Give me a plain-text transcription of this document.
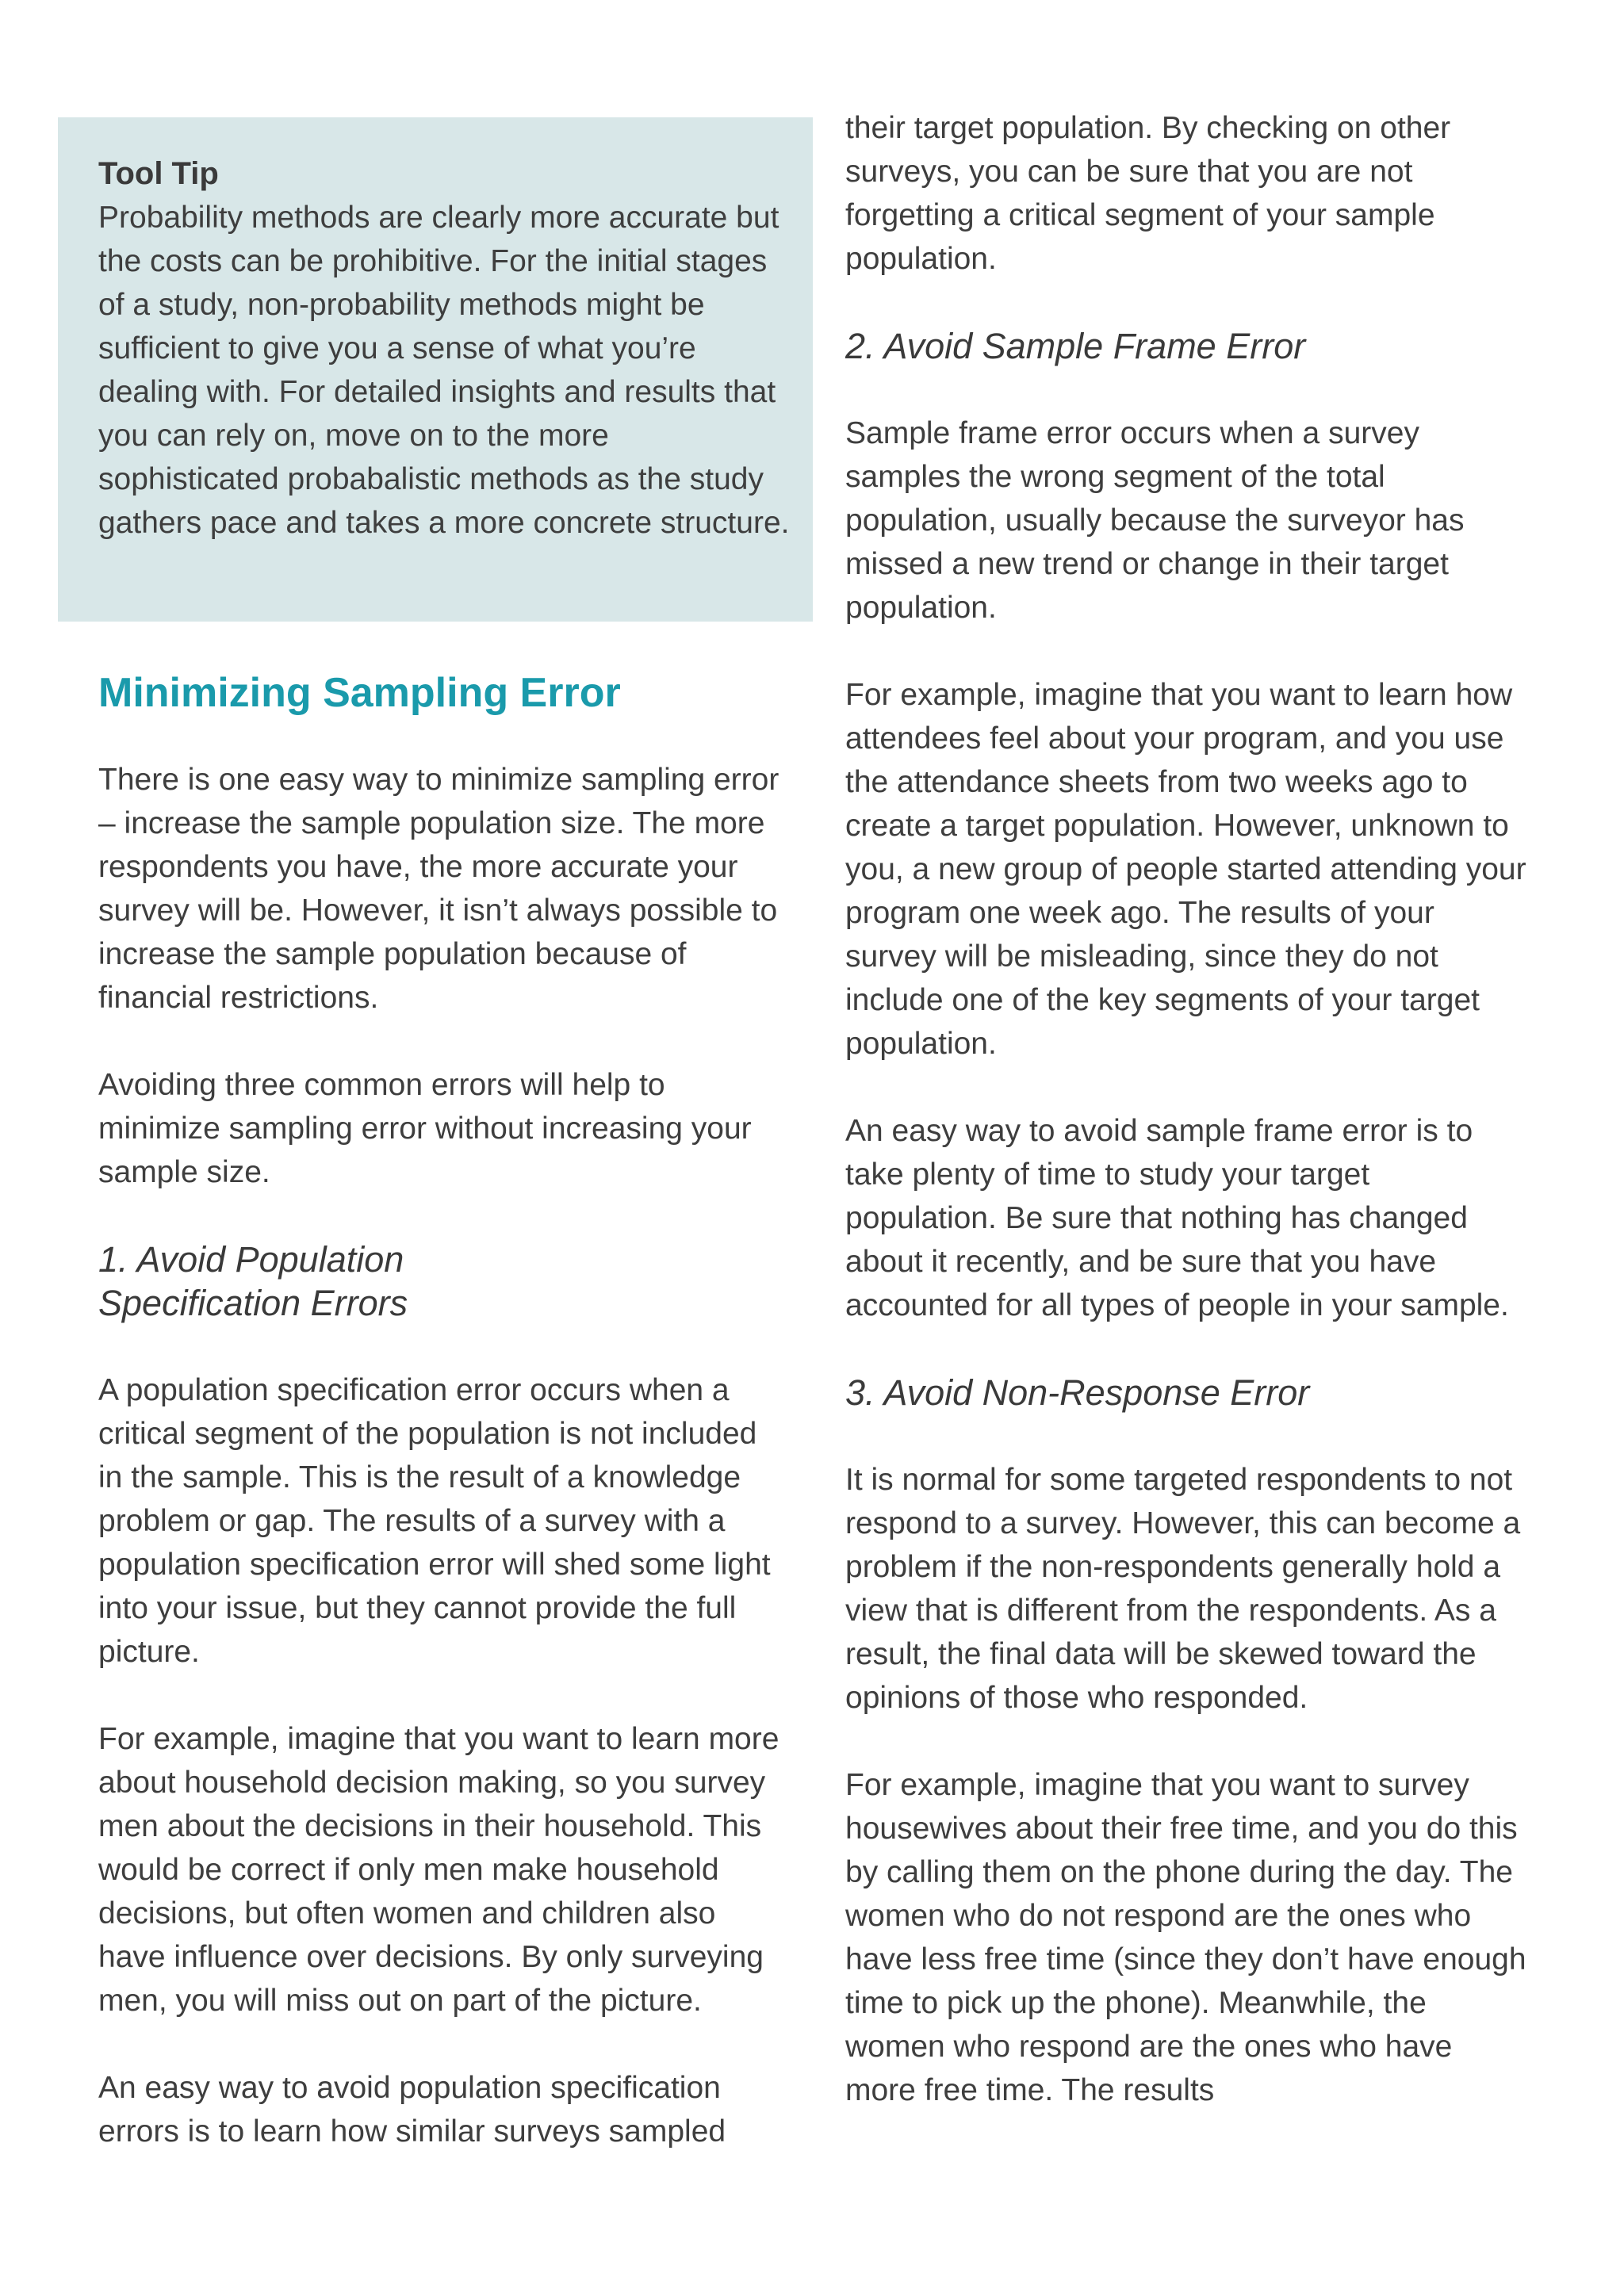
Tool Tip

Probability methods are clearly more accurate but the costs can be prohibitive. For the initial stages of a study, non-probability methods might be sufficient to give you a sense of what you’re dealing with. For detailed insights and results that you can rely on, move on to the more sophisticated probabalistic methods as the study gathers pace and takes a more concrete structure.

Minimizing Sampling Error

There is one easy way to minimize sampling error – increase the sample population size. The more respondents you have, the more accurate your survey will be. However, it isn’t always possible to increase the sample population because of financial restrictions.

Avoiding three common errors will help to minimize sampling error without increasing your sample size.

1. Avoid Population Specification Errors

A population specification error occurs when a critical segment of the population is not included in the sample. This is the result of a knowledge problem or gap. The results of a survey with a population specification error will shed some light into your issue, but they cannot provide the full picture.

For example, imagine that you want to learn more about household decision making, so you survey men about the decisions in their household. This would be correct if only men make household decisions, but often women and children also have influence over decisions. By only surveying men, you will miss out on part of the picture.

An easy way to avoid population specification errors is to learn how similar surveys sampled

their target population. By checking on other surveys, you can be sure that you are not forgetting a critical segment of your sample population.

2. Avoid Sample Frame Error

Sample frame error occurs when a survey samples the wrong segment of the total population, usually because the surveyor has missed a new trend or change in their target population.

For example, imagine that you want to learn how attendees feel about your program, and you use the attendance sheets from two weeks ago to create a target population. However, unknown to you, a new group of people started attending your program one week ago. The results of your survey will be misleading, since they do not include one of the key segments of your target population.

An easy way to avoid sample frame error is to take plenty of time to study your target population. Be sure that nothing has changed about it recently, and be sure that you have accounted for all types of people in your sample.

3. Avoid Non-Response Error

It is normal for some targeted respondents to not respond to a survey. However, this can become a problem if the non-respondents generally hold a view that is different from the respondents. As a result, the final data will be skewed toward the opinions of those who responded.

For example, imagine that you want to survey housewives about their free time, and you do this by calling them on the phone during the day. The women who do not respond are the ones who have less free time (since they don’t have enough time to pick up the phone). Meanwhile, the women who respond are the ones who have more free time. The results
